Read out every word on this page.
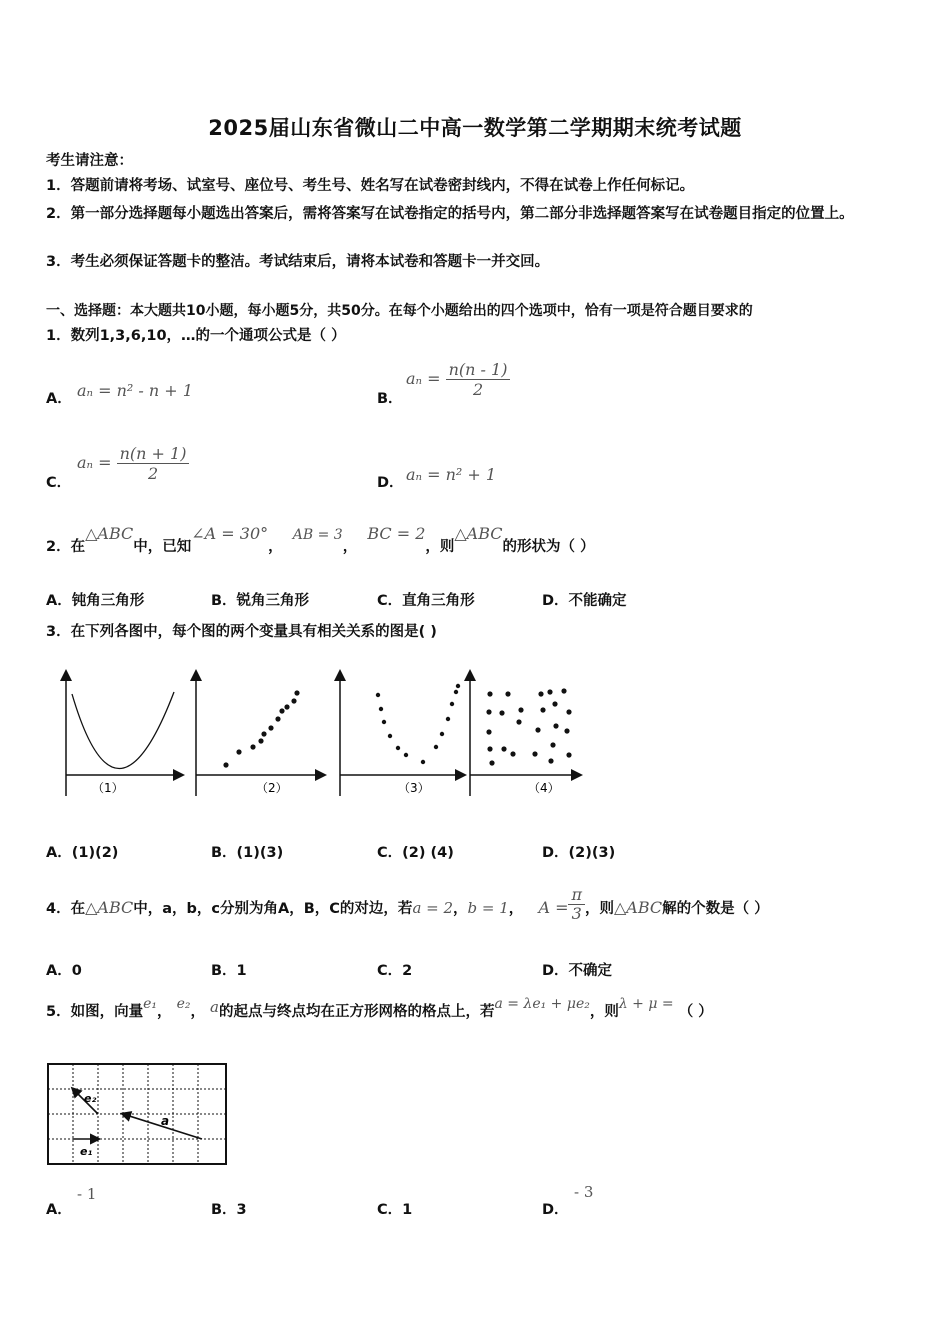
2025届山东省微山二中高一数学第二学期期末统考试题
考生请注意：
1．答题前请将考场、试室号、座位号、考生号、姓名写在试卷密封线内，不得在试卷上作任何标记。
2．第一部分选择题每小题选出答案后，需将答案写在试卷指定的括号内，第二部分非选择题答案写在试卷题目指定的位置上。
3．考生必须保证答题卡的整洁。考试结束后，请将本试卷和答题卡一并交回。
一、选择题：本大题共10小题，每小题5分，共50分。在每个小题给出的四个选项中，恰有一项是符合题目要求的
1．数列1,3,6,10，…的一个通项公式是（ ）
A． aₙ = n² - n + 1	B．
$a_n = \frac{n(n - 1)}{2}$
C．
$a_n = \frac{n(n + 1)}{2}$	D． aₙ = n² + 1
2．在△ABC中，已知∠A = 30°，  AB = 3，  BC = 2，则△ABC的形状为（ ）
A．钝角三角形	B．锐角三角形	C．直角三角形	D．不能确定
3．在下列各图中，每个图的两个变量具有相关关系的图是( )
（1）	（2）	（3）	（4）
A．(1)(2)	B．(1)(3)	C．(2) (4)	D．(2)(3)
4．在△ABC中，a，b，c分别为角A，B，C的对边，若a = 2，b = 1， $A = \frac{\pi}{3}$ ，则△ABC解的个数是（ ）
A．0	B．1	C．2	D．不确定
5．如图，向量e₁， e₂， a的起点与终点均在正方形网格的格点上，若a = λe₁ + μe₂，则λ + μ = （ ）
e₂
e₁
a
A．
- 1
B．3	C．1	D．
- 3
